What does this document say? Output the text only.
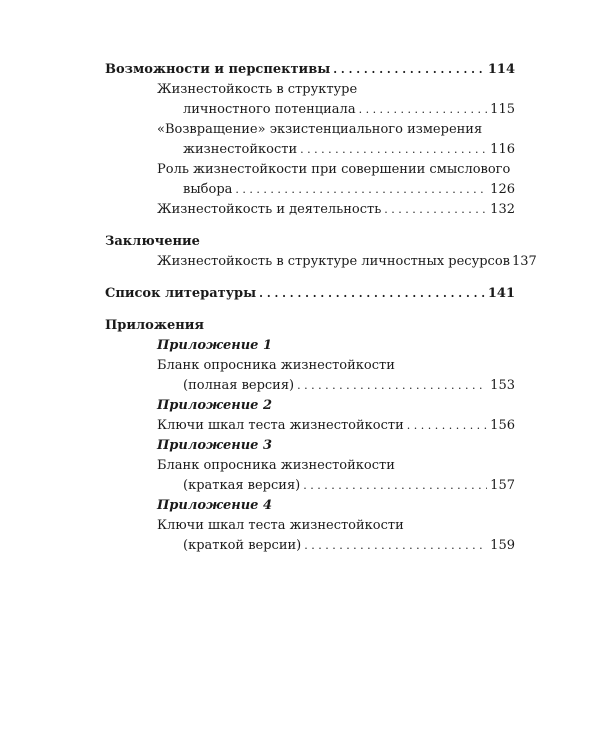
Возможности и перспективы . . .	114
Жизнестойкость в структуре
личностного потенциала . . .	115
«Возвращение» экзистенциального измерения
жизнестойкости . . .	116
Роль жизнестойкости при совершении смыслового
выбора . . .	126
Жизнестойкость и деятельность . . .	132
Заключение
Жизнестойкость в структуре личностных ресурсов 137
Список литературы . . .	141
Приложения
Приложение 1
Бланк опросника жизнестойкости
(полная версия) . . .	153
Приложение 2
Ключи шкал теста жизнестойкости . . .	156
Приложение 3
Бланк опросника жизнестойкости
(краткая версия) . . .	157
Приложение 4
Ключи шкал теста жизнестойкости
(краткой версии) . . .	159
